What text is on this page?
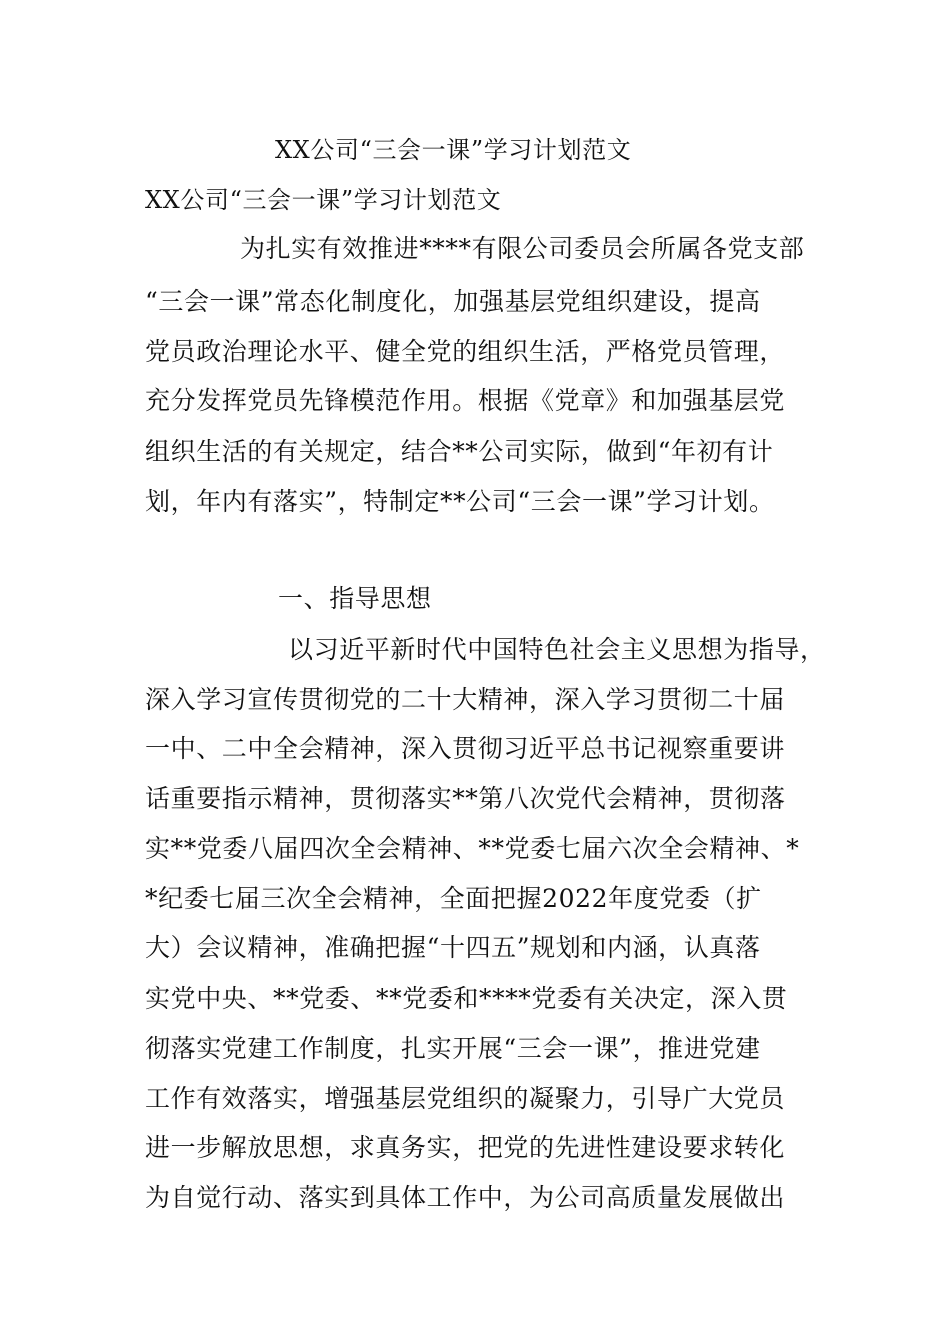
XX公司“三会一课”学习计划范文
XX公司“三会一课”学习计划范文
为扎实有效推进****有限公司委员会所属各党支部
“三会一课”常态化制度化，加强基层党组织建设，提高
党员政治理论水平、健全党的组织生活，严格党员管理，
充分发挥党员先锋模范作用。根据《党章》和加强基层党
组织生活的有关规定，结合**公司实际，做到“年初有计
划，年内有落实”，特制定**公司“三会一课”学习计划。
一、指导思想
以习近平新时代中国特色社会主义思想为指导，
深入学习宣传贯彻党的二十大精神，深入学习贯彻二十届
一中、二中全会精神，深入贯彻习近平总书记视察重要讲
话重要指示精神，贯彻落实**第八次党代会精神，贯彻落
实**党委八届四次全会精神、**党委七届六次全会精神、*
*纪委七届三次全会精神，全面把握2022年度党委（扩
大）会议精神，准确把握“十四五”规划和内涵，认真落
实党中央、**党委、**党委和****党委有关决定，深入贯
彻落实党建工作制度，扎实开展“三会一课”，推进党建
工作有效落实，增强基层党组织的凝聚力，引导广大党员
进一步解放思想，求真务实，把党的先进性建设要求转化
为自觉行动、落实到具体工作中，为公司高质量发展做出
